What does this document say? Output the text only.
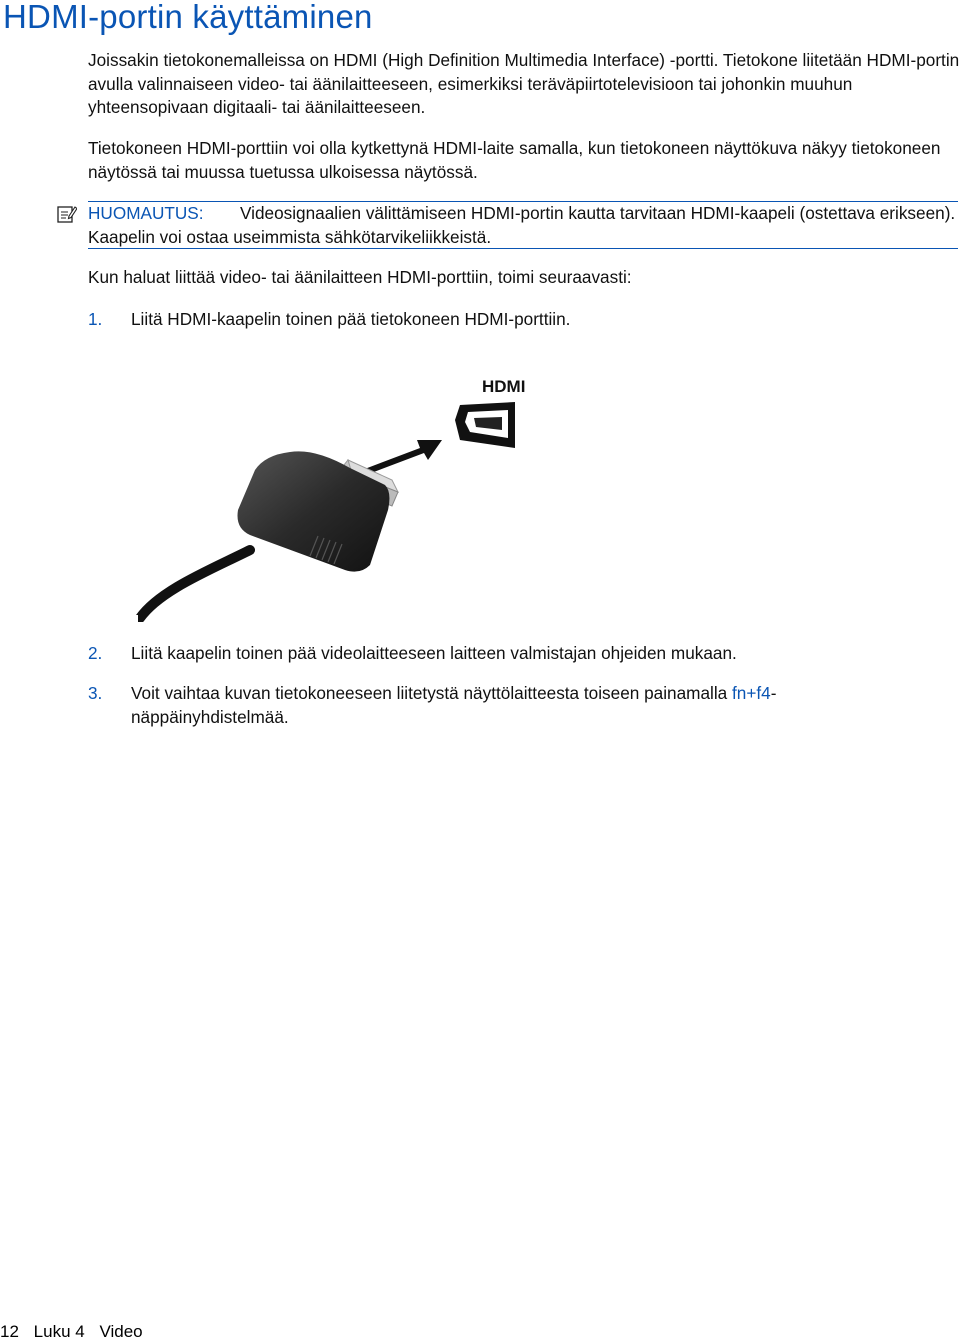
HDMI-portin käyttäminen

Joissakin tietokonemalleissa on HDMI (High Definition Multimedia Interface) -portti. Tietokone liitetään HDMI-portin avulla valinnaiseen video- tai äänilaitteeseen, esimerkiksi teräväpiirtotelevisioon tai johonkin muuhun yhteensopivaan digitaali- tai äänilaitteeseen.

Tietokoneen HDMI-porttiin voi olla kytkettynä HDMI-laite samalla, kun tietokoneen näyttökuva näkyy tietokoneen näytössä tai muussa tuetussa ulkoisessa näytössä.

HUOMAUTUS: Videosignaalien välittämiseen HDMI-portin kautta tarvitaan HDMI-kaapeli (ostettava erikseen). Kaapelin voi ostaa useimmista sähkötarvikeliikkeistä.

Kun haluat liittää video- tai äänilaitteen HDMI-porttiin, toimi seuraavasti:

1. Liitä HDMI-kaapelin toinen pää tietokoneen HDMI-porttiin.
HDMI
2. Liitä kaapelin toinen pää videolaitteeseen laitteen valmistajan ohjeiden mukaan.
3. Voit vaihtaa kuvan tietokoneeseen liitetystä näyttölaitteesta toiseen painamalla fn+f4-näppäinyhdistelmää.
12 Luku 4 Video
